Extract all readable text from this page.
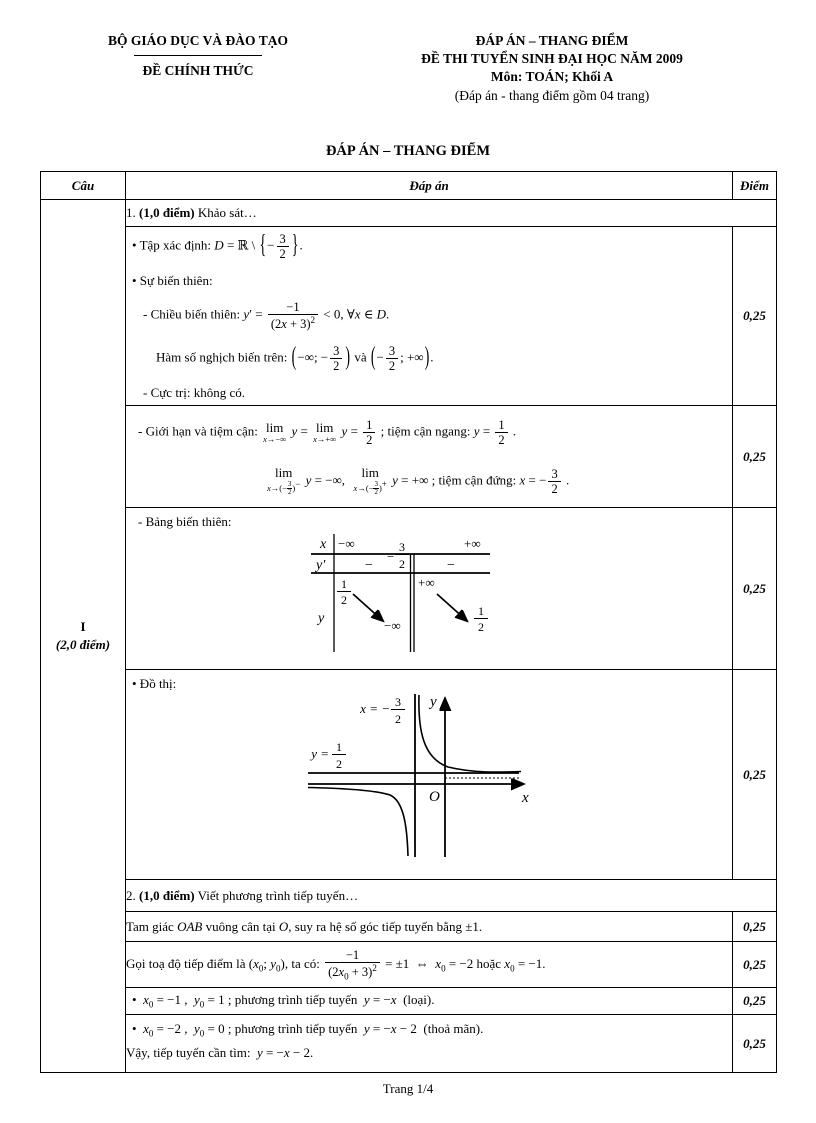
BỘ GIÁO DỤC VÀ ĐÀO TẠO
ĐỀ CHÍNH THỨC
ĐÁP ÁN – THANG ĐIỂM
ĐỀ THI TUYỂN SINH ĐẠI HỌC NĂM 2009
Môn: TOÁN; Khối A
(Đáp án - thang điểm gồm 04 trang)
ĐÁP ÁN – THANG ĐIỂM
Câu	Đáp án	Điểm

I
(2,0 điểm)	1. (1,0 điểm) Khảo sát…	

• Tập xác định: D = ℝ \ {− $\frac{3}{2}$ }.
• Sự biến thiên:
- Chiều biến thiên: $y' = \frac{-1}{(2x + 3)^2} < 0$, ∀x ∈ D.
Hàm số nghịch biến trên: (−∞; − $\frac{3}{2}$ ) và (− $\frac{3}{2}$ ; +∞).
- Cực trị: không có.
	0,25

- Giới hạn và tiệm cận: lim
x→−∞
y = lim
x→+∞
$y = \frac{1}{2}$ ; tiệm cận ngang: $y = \frac{1}{2}$ .
lim
$x\to(- \frac{3}{2} )^-$ y = −∞, lim
$x\to(- \frac{3}{2} )^+$ y = +∞ ; tiệm cận đứng: x = − $\frac{3}{2}$ .
	0,25

- Bảng biến thiên:
x −∞
−
3
2
+∞
y′	−	−
y
1
2
−∞
+∞
1
2
	0,25

• Đồ thị:
y
x
O
x = − 3
2
y = 1
2
	0,25
	2. (1,0 điểm) Viết phương trình tiếp tuyến…	
	Tam giác OAB vuông cân tại O, suy ra hệ số góc tiếp tuyến bằng ±1.	0,25
	Gọi toạ độ tiếp điểm là ($x_0$; $y_0$), ta có: $\frac{-1}{(2x_0 + 3)^2} = \pm 1$  ⇔  $x_0 = -2$ hoặc $x_0 = -1$.	0,25

	•  $x_0 = -1$ ,  $y_0 = 1$ ; phương trình tiếp tuyến  y = −x  (loại).	0,25

	•  $x_0 = -2$ ,  $y_0 = 0$ ; phương trình tiếp tuyến  y = −x − 2  (thoả mãn).
Vậy, tiếp tuyến cần tìm:  y = −x − 2.	0,25
Trang 1/4
